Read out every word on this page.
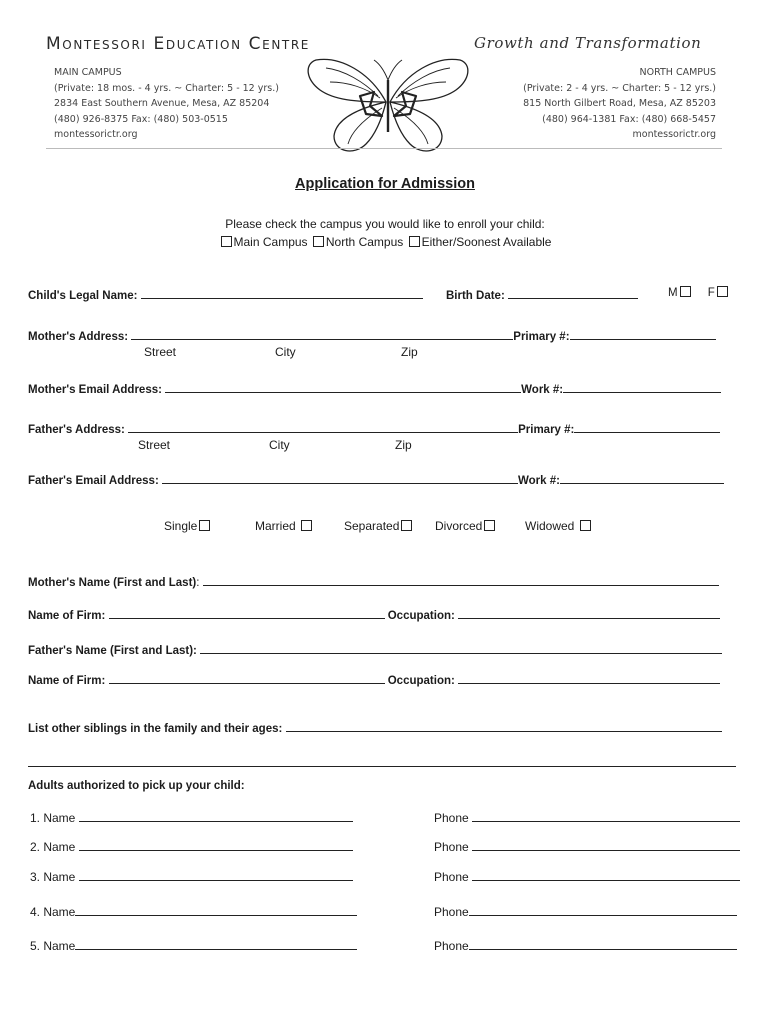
Montessori Education Centre	Growth and Transformation
MAIN CAMPUS
(Private: 18 mos. - 4 yrs. ~ Charter: 5 - 12 yrs.)
2834 East Southern Avenue, Mesa, AZ 85204
(480) 926-8375 Fax: (480) 503-0515
montessorictr.org
NORTH CAMPUS
(Private: 2 - 4 yrs. ~ Charter: 5 - 12 yrs.)
815 North Gilbert Road, Mesa, AZ 85203
(480) 964-1381 Fax: (480) 668-5457
montessorictr.org
Application for Admission
Please check the campus you would like to enroll your child:
Main Campus North Campus Either/Soonest Available
Child's Legal Name:	Birth Date:	M	F
Mother's Address:	Primary #:
Street	City	Zip
Mother's Email Address:	Work #:
Father's Address:	Primary #:
Street	City	Zip
Father's Email Address:	Work #:
Single	Married	Separated	Divorced	Widowed
Mother's Name (First and Last):
Name of Firm:	Occupation:
Father's Name (First and Last):
Name of Firm:	Occupation:
List other siblings in the family and their ages:
Adults authorized to pick up your child:
1. Name	Phone
2. Name	Phone
3. Name	Phone
4. Name	Phone
5. Name	Phone
